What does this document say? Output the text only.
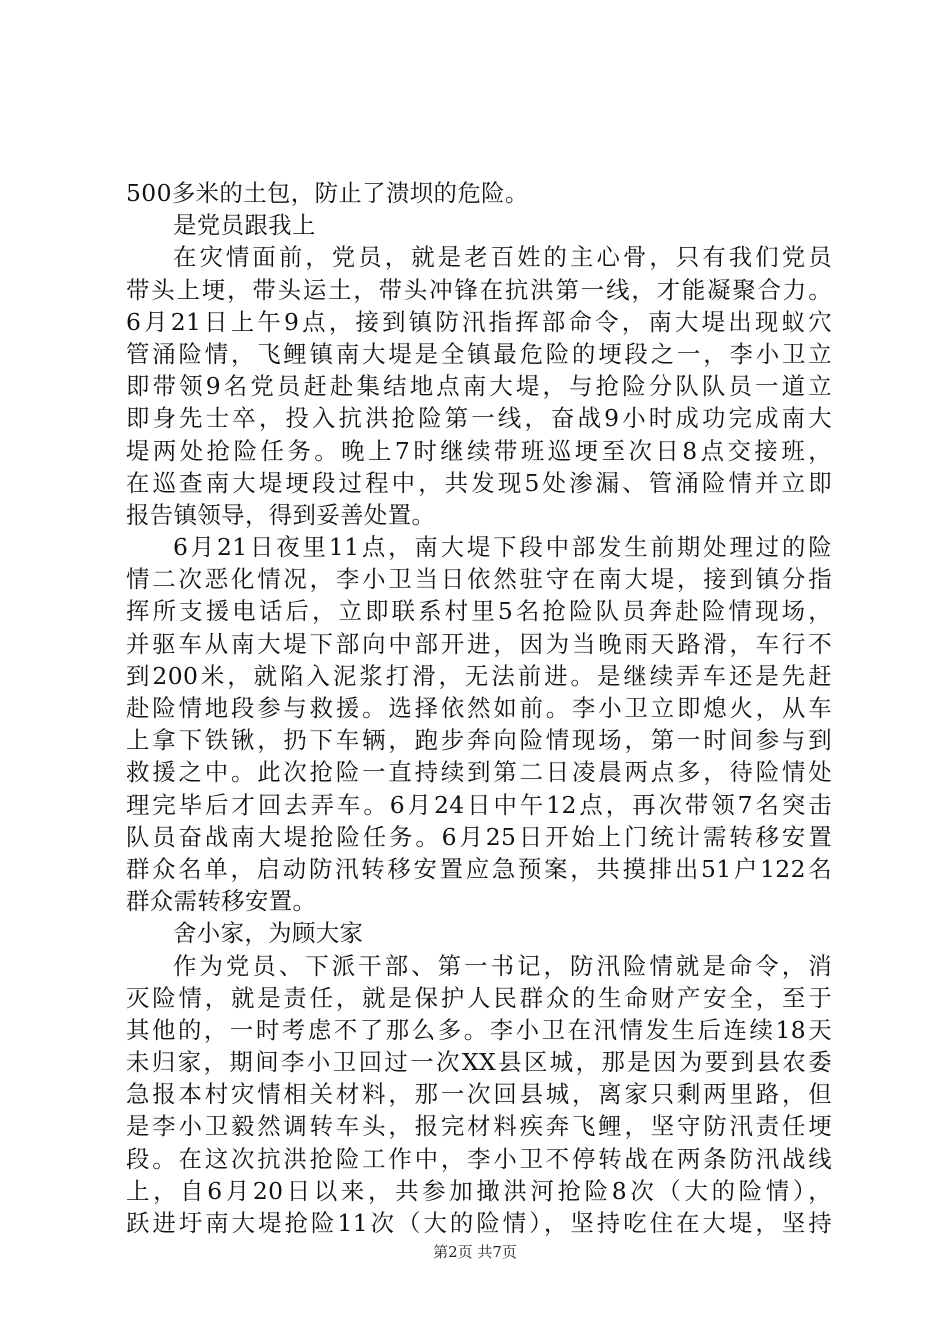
500多米的土包，防止了溃坝的危险。
是党员跟我上
在灾情面前，党员，就是老百姓的主心骨，只有我们党员
带头上埂，带头运土，带头冲锋在抗洪第一线，才能凝聚合力。
6月21日上午9点，接到镇防汛指挥部命令，南大堤出现蚁穴
管涌险情，飞鲤镇南大堤是全镇最危险的埂段之一，李小卫立
即带领9名党员赶赴集结地点南大堤，与抢险分队队员一道立
即身先士卒，投入抗洪抢险第一线，奋战9小时成功完成南大
堤两处抢险任务。晚上7时继续带班巡埂至次日8点交接班，
在巡查南大堤埂段过程中，共发现5处渗漏、管涌险情并立即
报告镇领导，得到妥善处置。
6月21日夜里11点，南大堤下段中部发生前期处理过的险
情二次恶化情况，李小卫当日依然驻守在南大堤，接到镇分指
挥所支援电话后，立即联系村里5名抢险队员奔赴险情现场，
并驱车从南大堤下部向中部开进，因为当晚雨天路滑，车行不
到200米，就陷入泥浆打滑，无法前进。是继续弄车还是先赶
赴险情地段参与救援。选择依然如前。李小卫立即熄火，从车
上拿下铁锹，扔下车辆，跑步奔向险情现场，第一时间参与到
救援之中。此次抢险一直持续到第二日凌晨两点多，待险情处
理完毕后才回去弄车。6月24日中午12点，再次带领7名突击
队员奋战南大堤抢险任务。6月25日开始上门统计需转移安置
群众名单，启动防汛转移安置应急预案，共摸排出51户122名
群众需转移安置。
舍小家，为顾大家
作为党员、下派干部、第一书记，防汛险情就是命令，消
灭险情，就是责任，就是保护人民群众的生命财产安全，至于
其他的，一时考虑不了那么多。李小卫在汛情发生后连续18天
未归家，期间李小卫回过一次XX县区城，那是因为要到县农委
急报本村灾情相关材料，那一次回县城，离家只剩两里路，但
是李小卫毅然调转车头，报完材料疾奔飞鲤，坚守防汛责任埂
段。在这次抗洪抢险工作中，李小卫不停转战在两条防汛战线
上，自6月20日以来，共参加撖洪河抢险8次（大的险情），
跃进圩南大堤抢险11次（大的险情），坚持吃住在大堤，坚持
第2页 共7页
